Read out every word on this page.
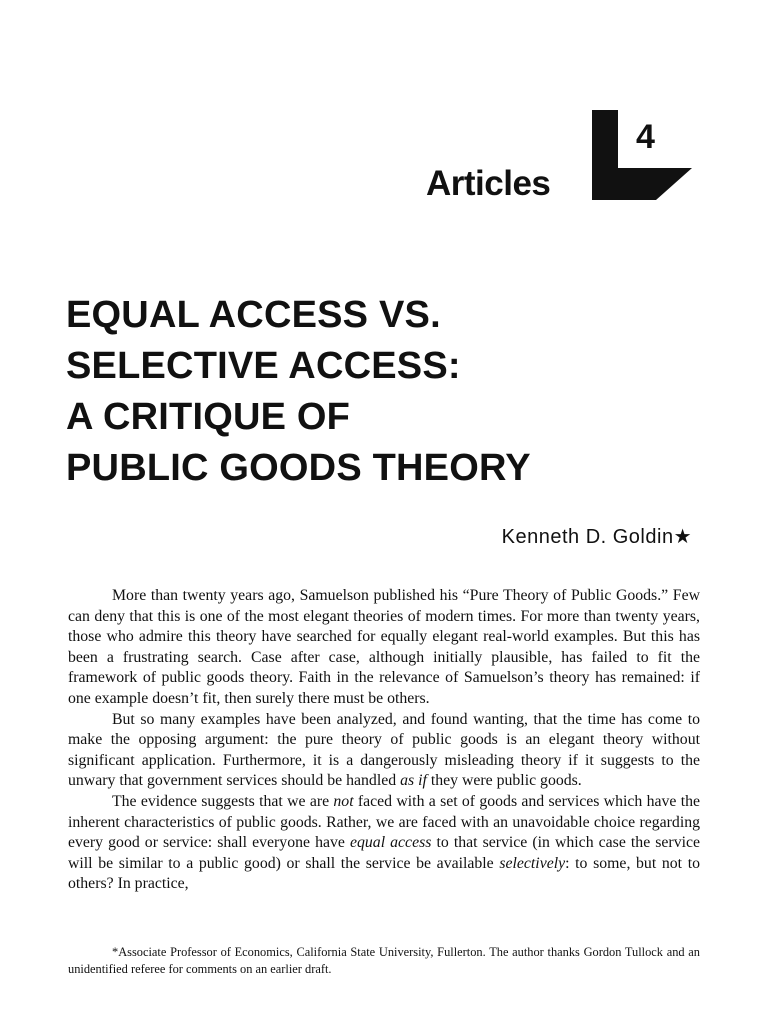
Articles
4
EQUAL ACCESS VS.
SELECTIVE ACCESS:
A CRITIQUE OF
PUBLIC GOODS THEORY
Kenneth D. Goldin★

More than twenty years ago, Samuelson published his “Pure Theory of Public Goods.” Few can deny that this is one of the most elegant theories of modern times. For more than twenty years, those who admire this theory have searched for equally elegant real-world examples. But this has been a frustrating search. Case after case, although initially plausible, has failed to fit the framework of public goods theory. Faith in the relevance of Samuelson’s theory has remained: if one example doesn’t fit, then surely there must be others.

But so many examples have been analyzed, and found wanting, that the time has come to make the opposing argument: the pure theory of public goods is an elegant theory without significant application. Furthermore, it is a dangerously misleading theory if it suggests to the unwary that government services should be handled as if they were public goods.

The evidence suggests that we are not faced with a set of goods and services which have the inherent characteristics of public goods. Rather, we are faced with an unavoidable choice regarding every good or service: shall everyone have equal access to that service (in which case the service will be similar to a public good) or shall the service be available selectively: to some, but not to others? In practice,

*Associate Professor of Economics, California State University, Fullerton. The author thanks Gordon Tullock and an unidentified referee for comments on an earlier draft.
